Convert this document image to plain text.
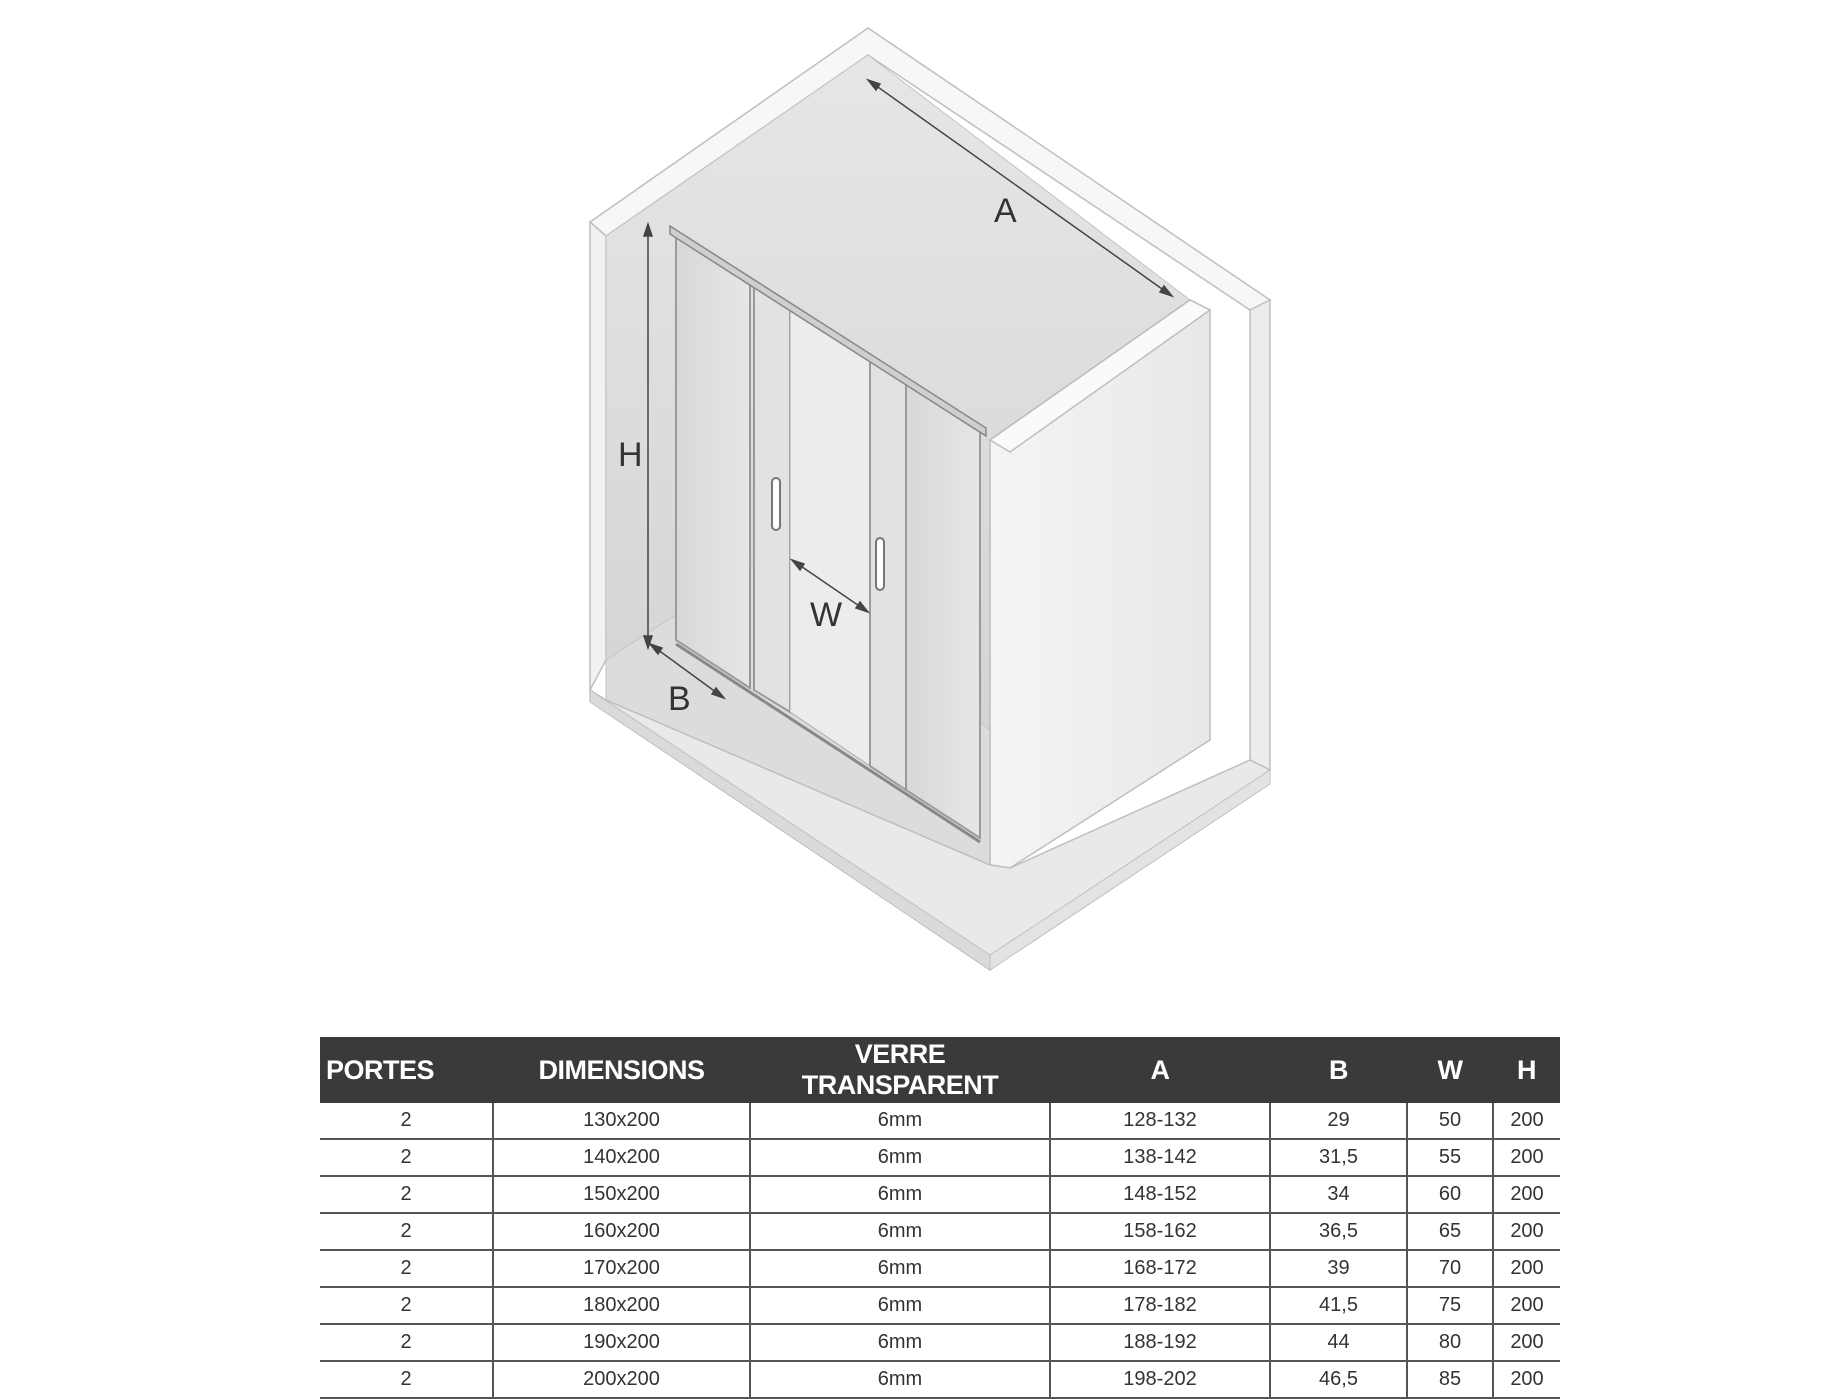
A
H
W
B
PORTES	DIMENSIONS	VERRE TRANSPARENT	A	B	W	H
2	130x200	6mm	128-132	29	50	200
2	140x200	6mm	138-142	31,5	55	200
2	150x200	6mm	148-152	34	60	200
2	160x200	6mm	158-162	36,5	65	200
2	170x200	6mm	168-172	39	70	200
2	180x200	6mm	178-182	41,5	75	200
2	190x200	6mm	188-192	44	80	200
2	200x200	6mm	198-202	46,5	85	200
